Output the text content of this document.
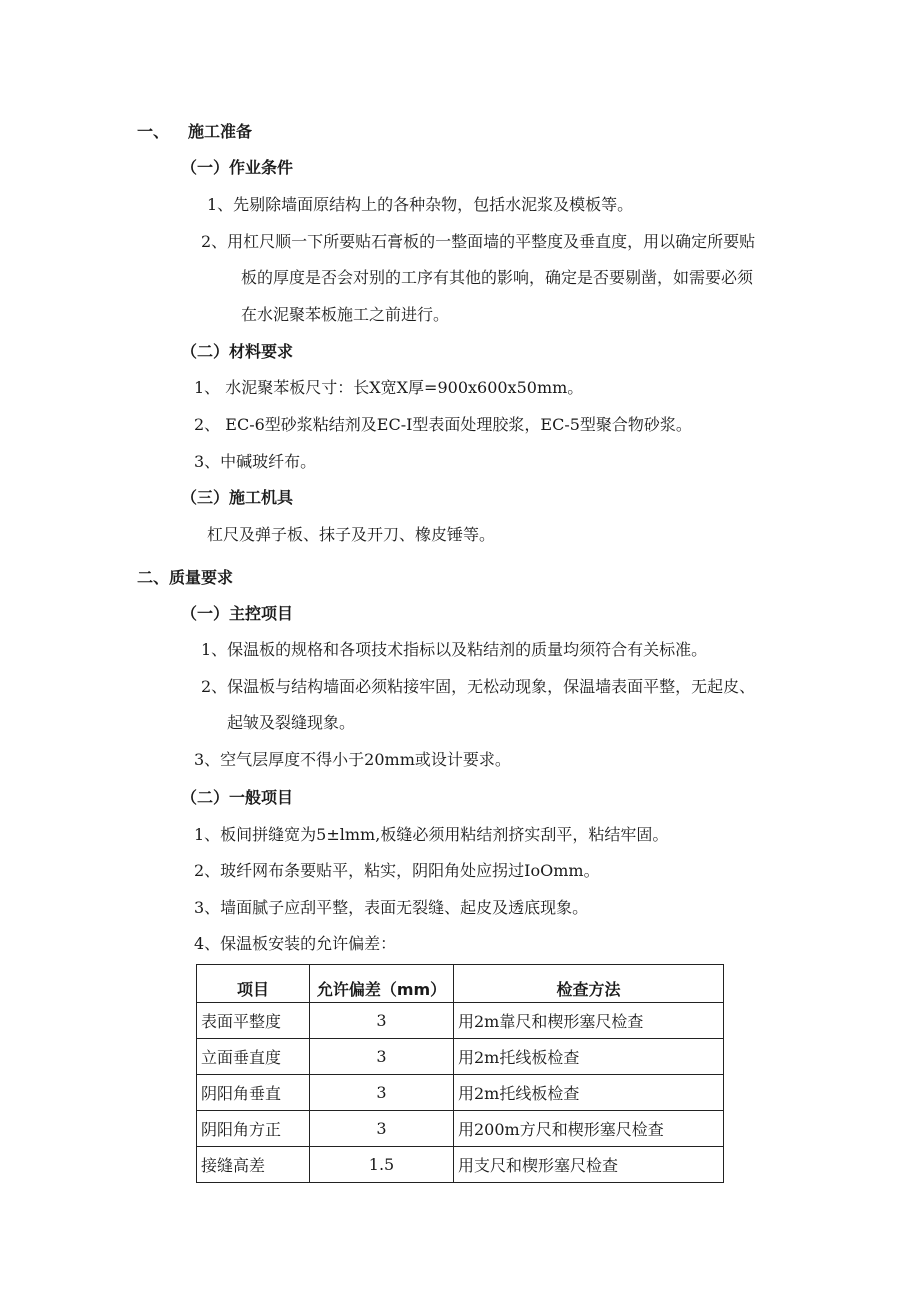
一、 施工准备
（一）作业条件
1、先剔除墙面原结构上的各种杂物，包括水泥浆及模板等。
2、用杠尺顺一下所要贴石膏板的一整面墙的平整度及垂直度，用以确定所要贴
板的厚度是否会对别的工序有其他的影响，确定是否要剔凿，如需要必须
在水泥聚苯板施工之前进行。
（二）材料要求
1、 水泥聚苯板尺寸：长X宽X厚=900x600x50mm。
2、 EC-6型砂浆粘结剂及EC-I型表面处理胶浆，EC-5型聚合物砂浆。
3、中碱玻纤布。
（三）施工机具
杠尺及弹子板、抹子及开刀、橡皮锤等。
二、质量要求
（一）主控项目
1、保温板的规格和各项技术指标以及粘结剂的质量均须符合有关标准。
2、保温板与结构墙面必须粘接牢固，无松动现象，保温墙表面平整，无起皮、
起皱及裂缝现象。
3、空气层厚度不得小于20mm或设计要求。
（二）一般项目
1、板间拼缝宽为5±lmm,板缝必须用粘结剂挤实刮平，粘结牢固。
2、玻纤网布条要贴平，粘实，阴阳角处应拐过IoOmm。
3、墙面腻子应刮平整，表面无裂缝、起皮及透底现象。
4、保温板安装的允许偏差：
项目	允许偏差（mm）	检查方法
表面平整度	3	用2m靠尺和楔形塞尺检查
立面垂直度	3	用2m托线板检查
阴阳角垂直	3	用2m托线板检查
阴阳角方正	3	用200m方尺和楔形塞尺检查
接缝高差	1.5	用支尺和楔形塞尺检查
